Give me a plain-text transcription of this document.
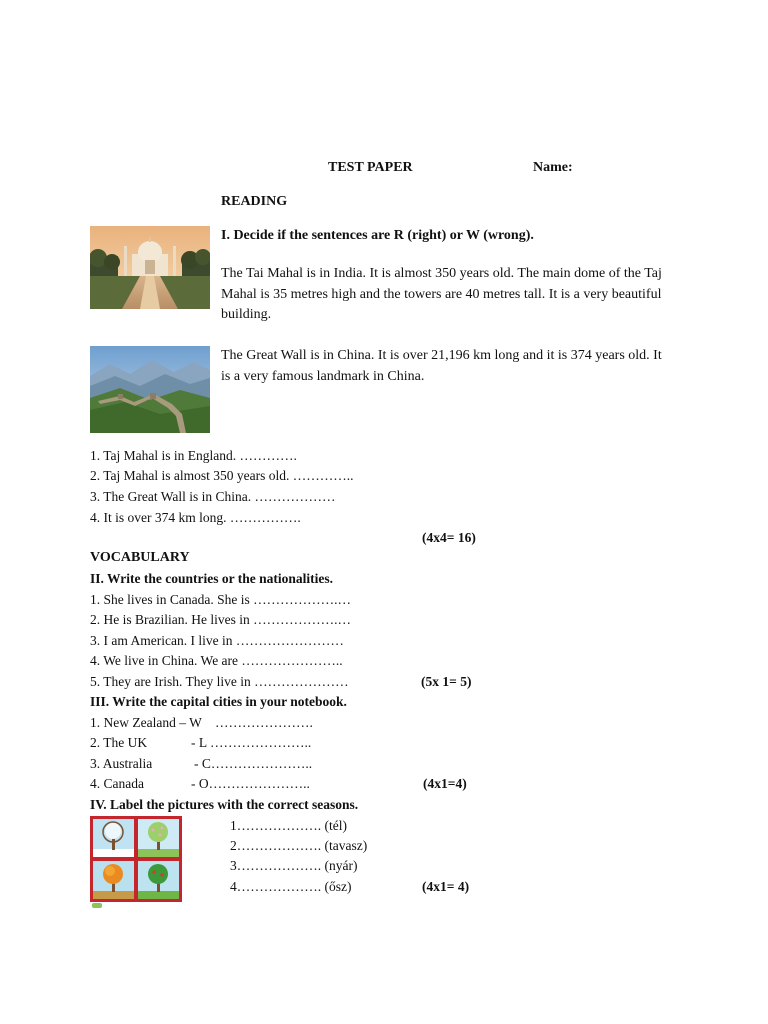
TEST PAPER	Name:
READING
I. Decide if the sentences are R (right) or W (wrong).
The Tai Mahal is in India. It is almost 350 years old. The main dome of the Taj Mahal is 35 metres high and the towers are 40 metres tall. It is a very beautiful building.
The Great Wall is in China. It is over 21,196 km long and it is 374 years old. It is a very famous landmark in China.
1. Taj Mahal is in England. ………….
2. Taj Mahal is almost 350 years old. …………..
3. The Great Wall is in China. ………………
4. It is over 374 km long. …………….
(4x4= 16)
VOCABULARY
II. Write the countries or the nationalities.
1. She lives in Canada. She is ……………….…
2. He is Brazilian. He lives in ……………….…
3. I am American. I live in ……………………
4. We live in China. We are …………………..
5. They are Irish. They live in …………………	(5x 1= 5)
III. Write the capital cities in your notebook.
1. New Zealand – W ………………….
2. The UK	- L …………………..
3. Australia	- C…………………..
4. Canada	- O…………………..	(4x1=4)
IV. Label the pictures with the correct seasons.
1………………. (tél)
2………………. (tavasz)
3………………. (nyár)
4………………. (ősz)	(4x1= 4)
